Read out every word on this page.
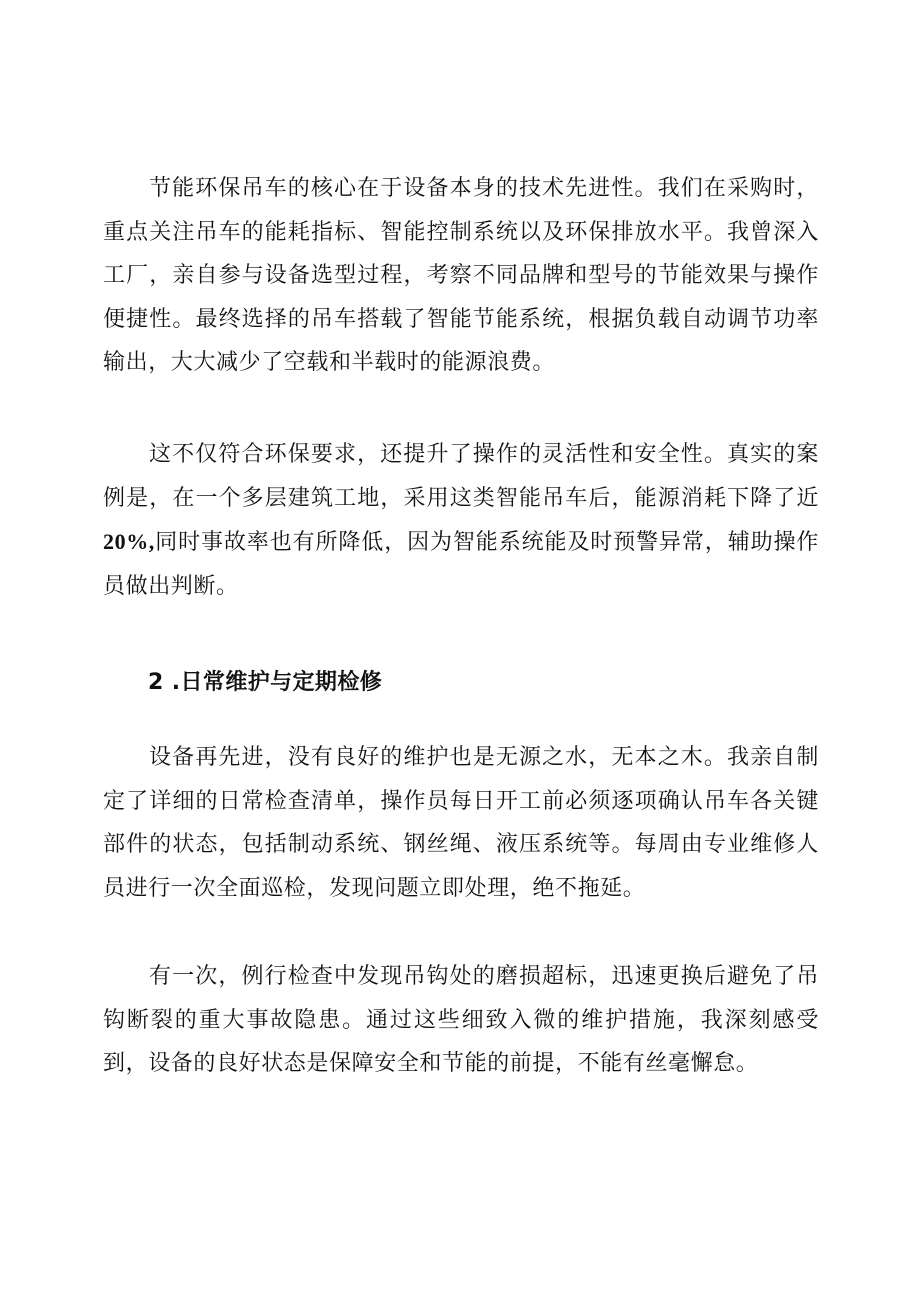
节能环保吊车的核心在于设备本身的技术先进性。我们在采购时，重点关注吊车的能耗指标、智能控制系统以及环保排放水平。我曾深入工厂，亲自参与设备选型过程，考察不同品牌和型号的节能效果与操作便捷性。最终选择的吊车搭载了智能节能系统，根据负载自动调节功率输出，大大减少了空载和半载时的能源浪费。

这不仅符合环保要求，还提升了操作的灵活性和安全性。真实的案例是，在一个多层建筑工地，采用这类智能吊车后，能源消耗下降了近20%,同时事故率也有所降低，因为智能系统能及时预警异常，辅助操作员做出判断。

2 .日常维护与定期检修

设备再先进，没有良好的维护也是无源之水，无本之木。我亲自制定了详细的日常检查清单，操作员每日开工前必须逐项确认吊车各关键部件的状态，包括制动系统、钢丝绳、液压系统等。每周由专业维修人员进行一次全面巡检，发现问题立即处理，绝不拖延。

有一次，例行检查中发现吊钩处的磨损超标，迅速更换后避免了吊钩断裂的重大事故隐患。通过这些细致入微的维护措施，我深刻感受到，设备的良好状态是保障安全和节能的前提，不能有丝毫懈怠。
